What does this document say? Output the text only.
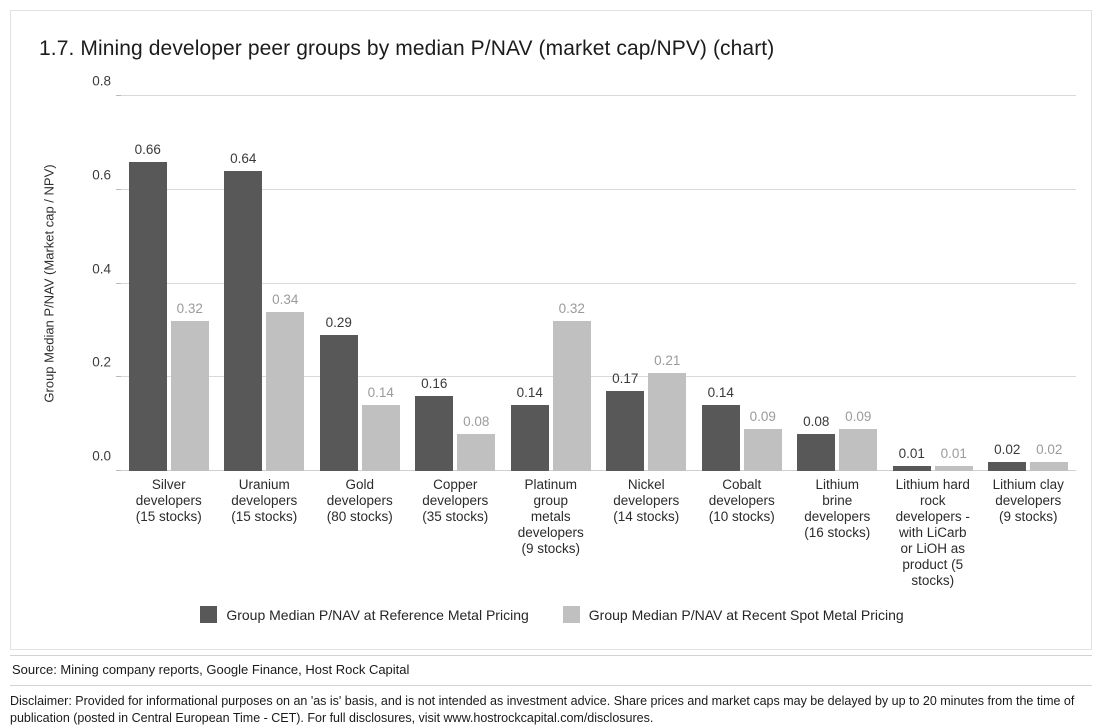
1.7. Mining developer peer groups by median P/NAV (market cap/NPV) (chart)
Group Median P/NAV (Market cap / NPV)
0.0
0.2
0.4
0.6
0.8
0.66
0.32
0.64
0.34
0.29
0.14
0.16
0.08
0.14
0.32
0.17
0.21
0.14
0.09 0.08 0.09
0.01 0.01 0.02 0.02
Silver
developers
(15 stocks)
Uranium
developers
(15 stocks)
Gold
developers
(80 stocks)
Copper
developers
(35 stocks)
Platinum
group
metals
developers
(9 stocks)
Nickel
developers
(14 stocks)
Cobalt
developers
(10 stocks)
Lithium
brine
developers
(16 stocks)
Lithium hard
rock
developers -
with LiCarb
or LiOH as
product (5
stocks)
Lithium clay
developers
(9 stocks)
Group Median P/NAV at Reference Metal Pricing	Group Median P/NAV at Recent Spot Metal Pricing
Source: Mining company reports, Google Finance, Host Rock Capital
Disclaimer: Provided for informational purposes on an 'as is' basis, and is not intended as investment advice. Share prices and market caps may be delayed by up to 20 minutes from the time of publication (posted in Central European Time - CET). For full disclosures, visit www.hostrockcapital.com/disclosures.
